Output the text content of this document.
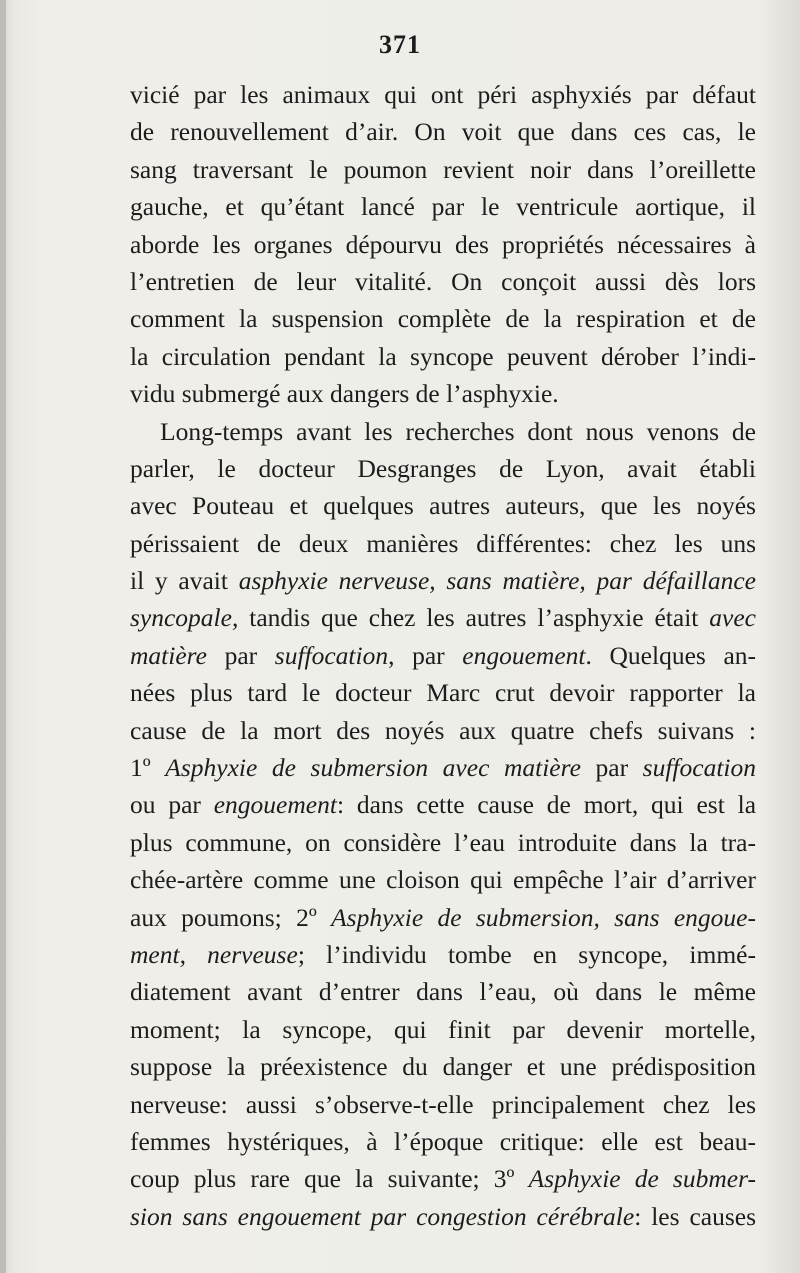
371
vicié par les animaux qui ont péri asphyxiés par défaut
de renouvellement d’air. On voit que dans ces cas, le
sang traversant le poumon revient noir dans l’oreillette
gauche, et qu’étant lancé par le ventricule aortique, il
aborde les organes dépourvu des propriétés nécessaires à
l’entretien de leur vitalité. On conçoit aussi dès lors
comment la suspension complète de la respiration et de
la circulation pendant la syncope peuvent dérober l’indi-
vidu submergé aux dangers de l’asphyxie.
Long-temps avant les recherches dont nous venons de
parler, le docteur Desgranges de Lyon, avait établi
avec Pouteau et quelques autres auteurs, que les noyés
périssaient de deux manières différentes: chez les uns
il y avait asphyxie nerveuse, sans matière, par défaillance
syncopale, tandis que chez les autres l’asphyxie était avec
matière par suffocation, par engouement. Quelques an-
nées plus tard le docteur Marc crut devoir rapporter la
cause de la mort des noyés aux quatre chefs suivans :
1º Asphyxie de submersion avec matière par suffocation
ou par engouement: dans cette cause de mort, qui est la
plus commune, on considère l’eau introduite dans la tra-
chée-artère comme une cloison qui empêche l’air d’arriver
aux poumons; 2º Asphyxie de submersion, sans engoue-
ment, nerveuse; l’individu tombe en syncope, immé-
diatement avant d’entrer dans l’eau, où dans le même
moment; la syncope, qui finit par devenir mortelle,
suppose la préexistence du danger et une prédisposition
nerveuse: aussi s’observe-t-elle principalement chez les
femmes hystériques, à l’époque critique: elle est beau-
coup plus rare que la suivante; 3º Asphyxie de submer-
sion sans engouement par congestion cérébrale: les causes
